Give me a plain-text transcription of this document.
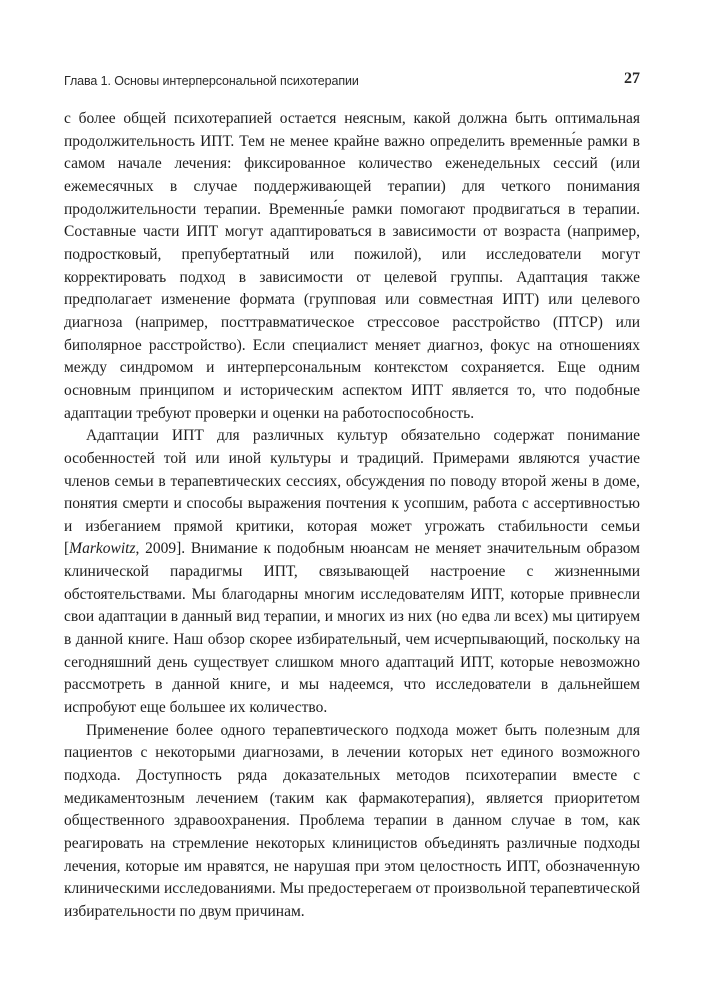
Глава 1. Основы интерперсональной психотерапии	27

с более общей психотерапией остается неясным, какой должна быть оптимальная продолжительность ИПТ. Тем не менее крайне важно определить временны́е рамки в самом начале лечения: фиксированное количество еженедельных сессий (или ежемесячных в случае поддерживающей терапии) для четкого понимания продолжительности терапии. Временны́е рамки помогают продвигаться в терапии. Составные части ИПТ могут адаптироваться в зависимости от возраста (например, подростковый, препубертатный или пожилой), или исследователи могут корректировать подход в зависимости от целевой группы. Адаптация также предполагает изменение формата (групповая или совместная ИПТ) или целевого диагноза (например, посттравматическое стрессовое расстройство (ПТСР) или биполярное расстройство). Если специалист меняет диагноз, фокус на отношениях между синдромом и интерперсональным контекстом сохраняется. Еще одним основным принципом и историческим аспектом ИПТ является то, что подобные адаптации требуют проверки и оценки на работоспособность.

Адаптации ИПТ для различных культур обязательно содержат понимание особенностей той или иной культуры и традиций. Примерами являются участие членов семьи в терапевтических сессиях, обсуждения по поводу второй жены в доме, понятия смерти и способы выражения почтения к усопшим, работа с ассертивностью и избеганием прямой критики, которая может угрожать стабильности семьи [Markowitz, 2009]. Внимание к подобным нюансам не меняет значительным образом клинической парадигмы ИПТ, связывающей настроение с жизненными обстоятельствами. Мы благодарны многим исследователям ИПТ, которые привнесли свои адаптации в данный вид терапии, и многих из них (но едва ли всех) мы цитируем в данной книге. Наш обзор скорее избирательный, чем исчерпывающий, поскольку на сегодняшний день существует слишком много адаптаций ИПТ, которые невозможно рассмотреть в данной книге, и мы надеемся, что исследователи в дальнейшем испробуют еще большее их количество.

Применение более одного терапевтического подхода может быть полезным для пациентов с некоторыми диагнозами, в лечении которых нет единого возможного подхода. Доступность ряда доказательных методов психотерапии вместе с медикаментозным лечением (таким как фармакотерапия), является приоритетом общественного здравоохранения. Проблема терапии в данном случае в том, как реагировать на стремление некоторых клиницистов объединять различные подходы лечения, которые им нравятся, не нарушая при этом целостность ИПТ, обозначенную клиническими исследованиями. Мы предостерегаем от произвольной терапевтической избирательности по двум причинам.
